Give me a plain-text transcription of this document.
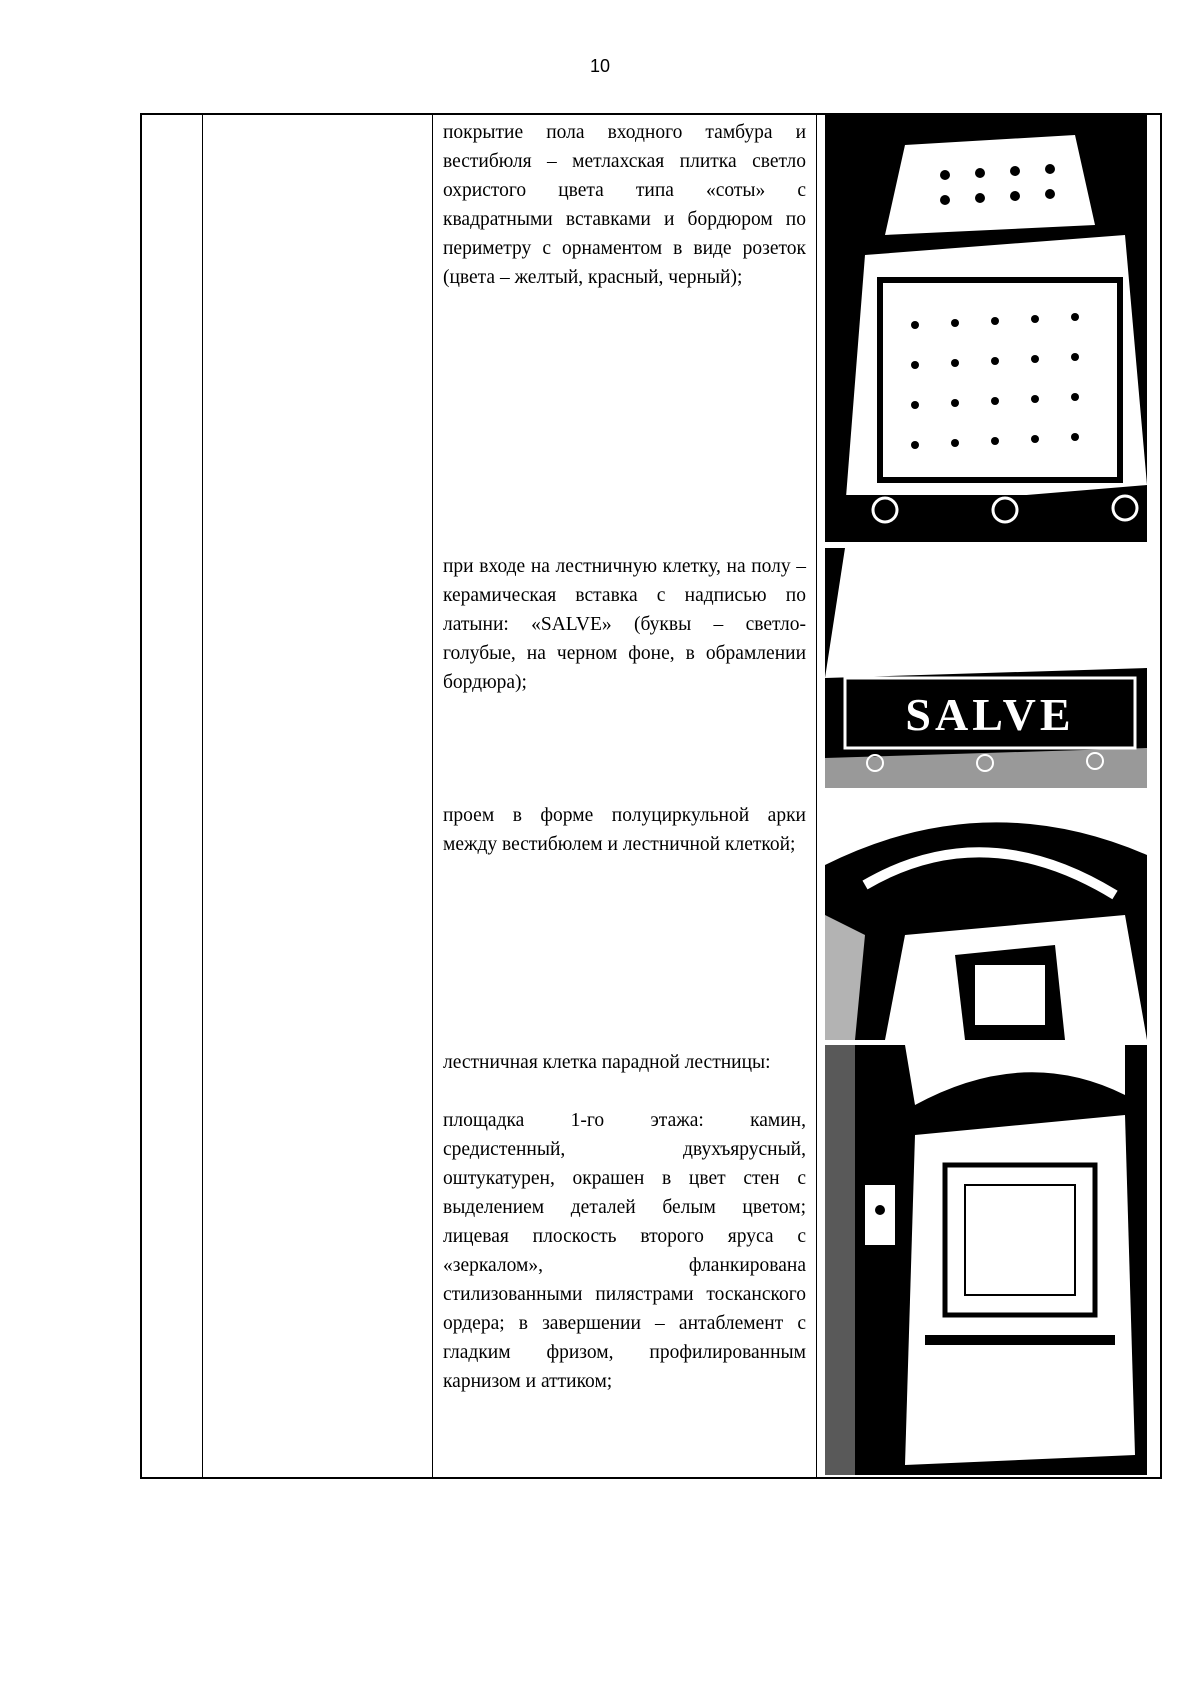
10
покрытие пола входного тамбура и вестибюля – метлахская плитка светло охристого цвета типа «соты» с квадратными вставками и бордюром по периметру с орнаментом в виде розеток (цвета – желтый, красный, черный);
при входе на лестничную клетку, на полу – керамическая вставка с надписью по латыни: «SALVE» (буквы – светло-голубые, на черном фоне, в обрамлении бордюра);
проем в форме полуциркульной арки между вестибюлем и лестничной клеткой;
лестничная клетка парадной лестницы:
площадка 1-го этажа: камин, средистенный, двухъярусный, оштукатурен, окрашен в цвет стен с выделением деталей белым цветом; лицевая плоскость второго яруса с «зеркалом», фланкирована стилизованными пилястрами тосканского ордера; в завершении – антаблемент с гладким фризом, профилированным карнизом и аттиком;
SALVE
